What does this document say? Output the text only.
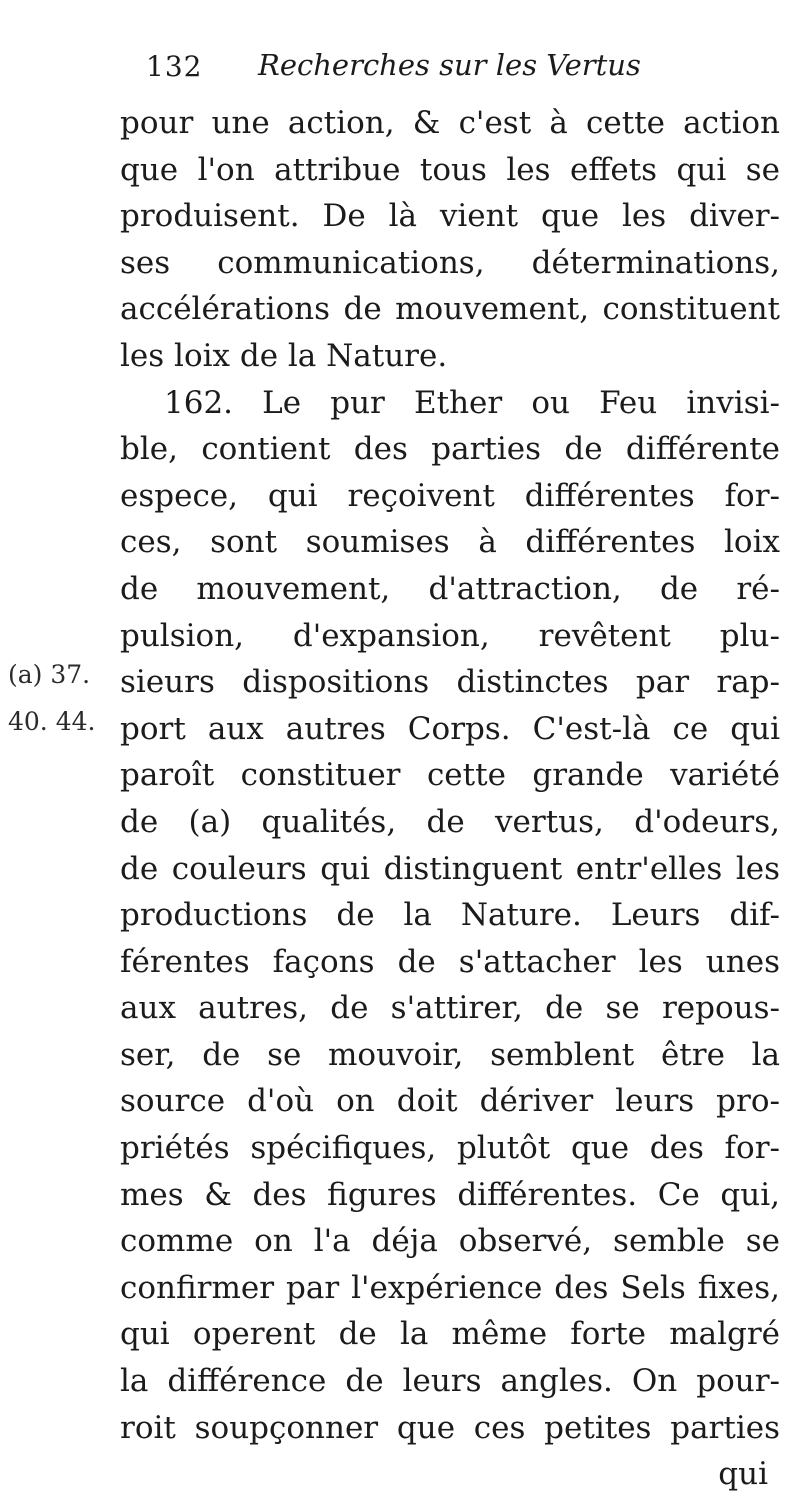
132 Recherches sur les Vertus
(a) 37.
40. 44.
pour une action, & c'est à cette action
que l'on attribue tous les effets qui se
produisent. De là vient que les diver-
ses communications, déterminations,
accélérations de mouvement, constituent
les loix de la Nature.
162. Le pur Ether ou Feu invisi-
ble, contient des parties de différente
espece, qui reçoivent différentes for-
ces, sont soumises à différentes loix
de mouvement, d'attraction, de ré-
pulsion, d'expansion, revêtent plu-
sieurs dispositions distinctes par rap-
port aux autres Corps. C'est-là ce qui
paroît constituer cette grande variété
de (a) qualités, de vertus, d'odeurs,
de couleurs qui distinguent entr'elles les
productions de la Nature. Leurs dif-
férentes façons de s'attacher les unes
aux autres, de s'attirer, de se repous-
ser, de se mouvoir, semblent être la
source d'où on doit dériver leurs pro-
priétés spécifiques, plutôt que des for-
mes & des figures différentes. Ce qui,
comme on l'a déja observé, semble se
confirmer par l'expérience des Sels fixes,
qui operent de la même forte malgré
la différence de leurs angles. On pour-
roit soupçonner que ces petites parties
qui
